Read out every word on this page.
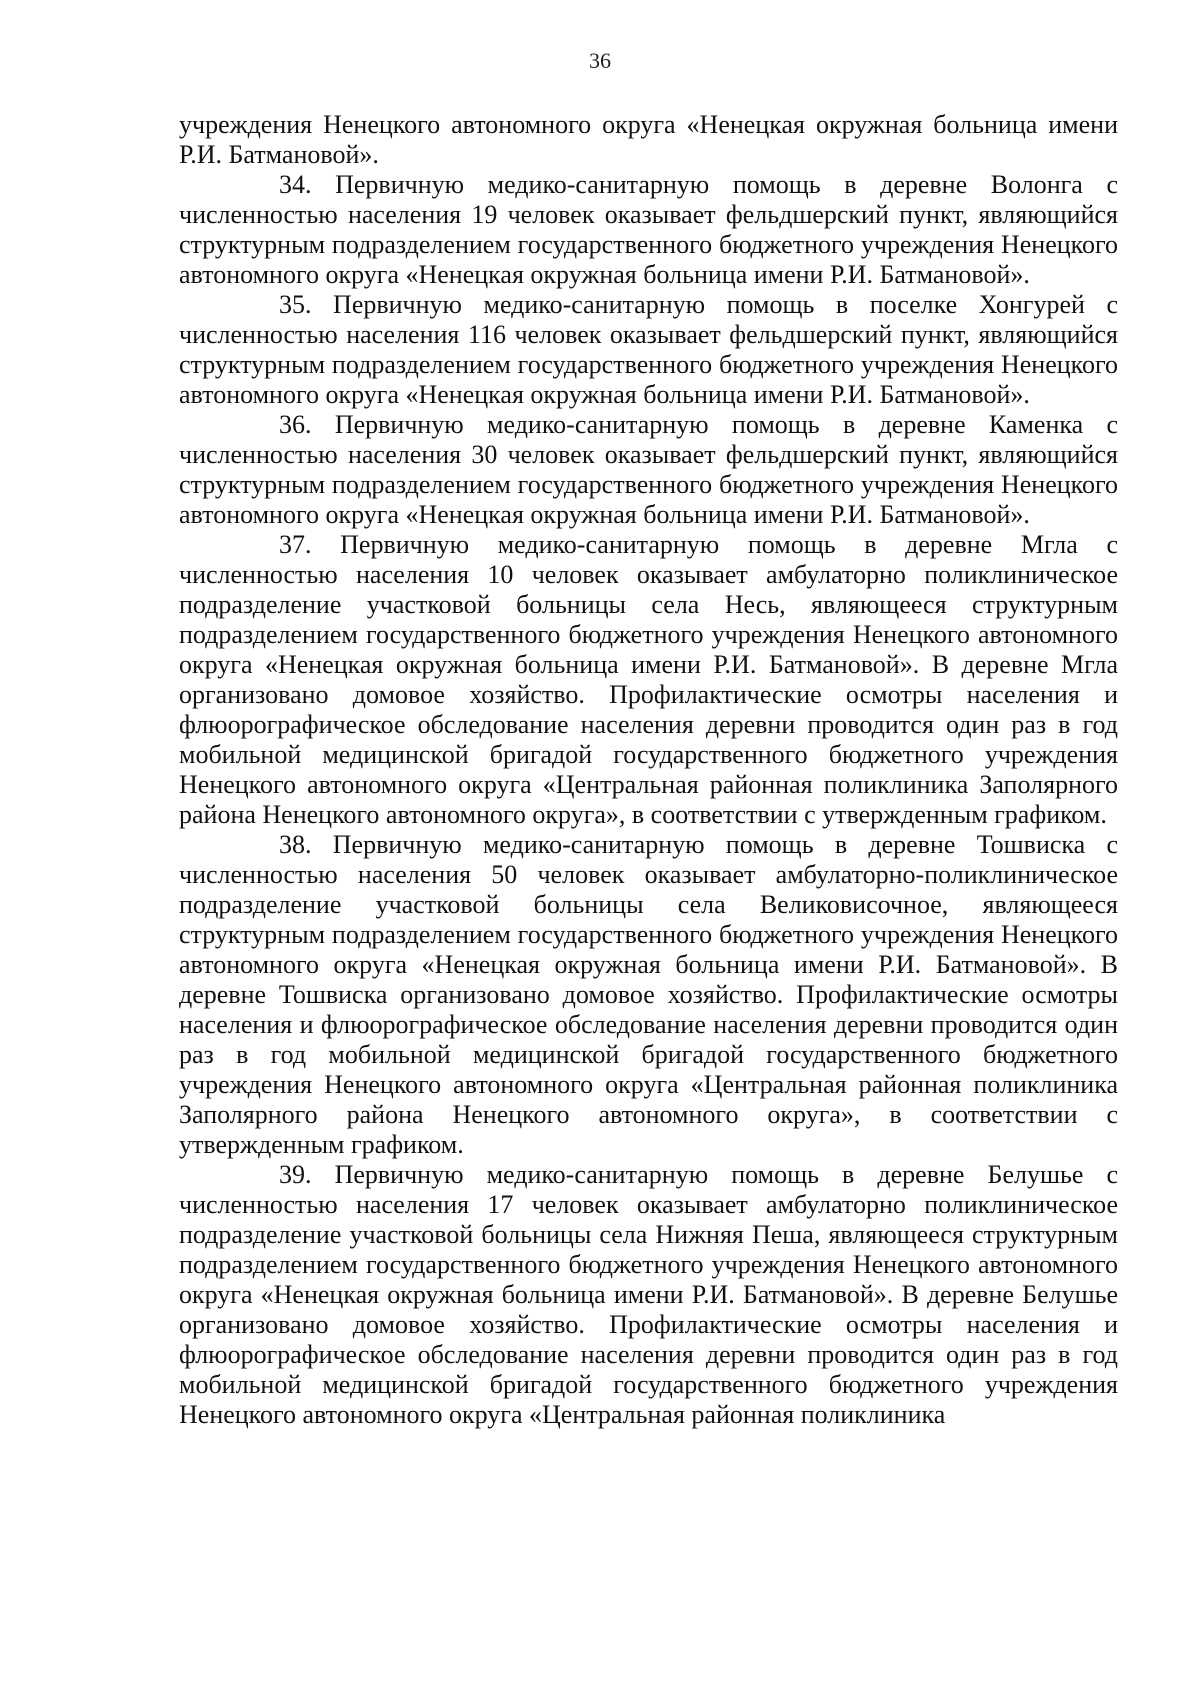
36

учреждения Ненецкого автономного округа «Ненецкая окружная больница имени Р.И. Батмановой».

34. Первичную медико-санитарную помощь в деревне Волонга с численностью населения 19 человек оказывает фельдшерский пункт, являющийся структурным подразделением государственного бюджетного учреждения Ненецкого автономного округа «Ненецкая окружная больница имени Р.И. Батмановой».

35. Первичную медико-санитарную помощь в поселке Хонгурей с численностью населения 116 человек оказывает фельдшерский пункт, являющийся структурным подразделением государственного бюджетного учреждения Ненецкого автономного округа «Ненецкая окружная больница имени Р.И. Батмановой».

36. Первичную медико-санитарную помощь в деревне Каменка с численностью населения 30 человек оказывает фельдшерский пункт, являющийся структурным подразделением государственного бюджетного учреждения Ненецкого автономного округа «Ненецкая окружная больница имени Р.И. Батмановой».

37. Первичную медико-санитарную помощь в деревне Мгла с численностью населения 10 человек оказывает амбулаторно поликлиническое подразделение участковой больницы села Несь, являющееся структурным подразделением государственного бюджетного учреждения Ненецкого автономного округа «Ненецкая окружная больница имени Р.И. Батмановой». В деревне Мгла организовано домовое хозяйство. Профилактические осмотры населения и флюорографическое обследование населения деревни проводится один раз в год мобильной медицинской бригадой государственного бюджетного учреждения Ненецкого автономного округа «Центральная районная поликлиника Заполярного района Ненецкого автономного округа», в соответствии с утвержденным графиком.

38. Первичную медико-санитарную помощь в деревне Тошвиска с численностью населения 50 человек оказывает амбулаторно-поликлиническое подразделение участковой больницы села Великовисочное, являющееся структурным подразделением государственного бюджетного учреждения Ненецкого автономного округа «Ненецкая окружная больница имени Р.И. Батмановой». В деревне Тошвиска организовано домовое хозяйство. Профилактические осмотры населения и флюорографическое обследование населения деревни проводится один раз в год мобильной медицинской бригадой государственного бюджетного учреждения Ненецкого автономного округа «Центральная районная поликлиника Заполярного района Ненецкого автономного округа», в соответствии с утвержденным графиком.

39. Первичную медико-санитарную помощь в деревне Белушье с численностью населения 17 человек оказывает амбулаторно поликлиническое подразделение участковой больницы села Нижняя Пеша, являющееся структурным подразделением государственного бюджетного учреждения Ненецкого автономного округа «Ненецкая окружная больница имени Р.И. Батмановой». В деревне Белушье организовано домовое хозяйство. Профилактические осмотры населения и флюорографическое обследование населения деревни проводится один раз в год мобильной медицинской бригадой государственного бюджетного учреждения Ненецкого автономного округа «Центральная районная поликлиника
